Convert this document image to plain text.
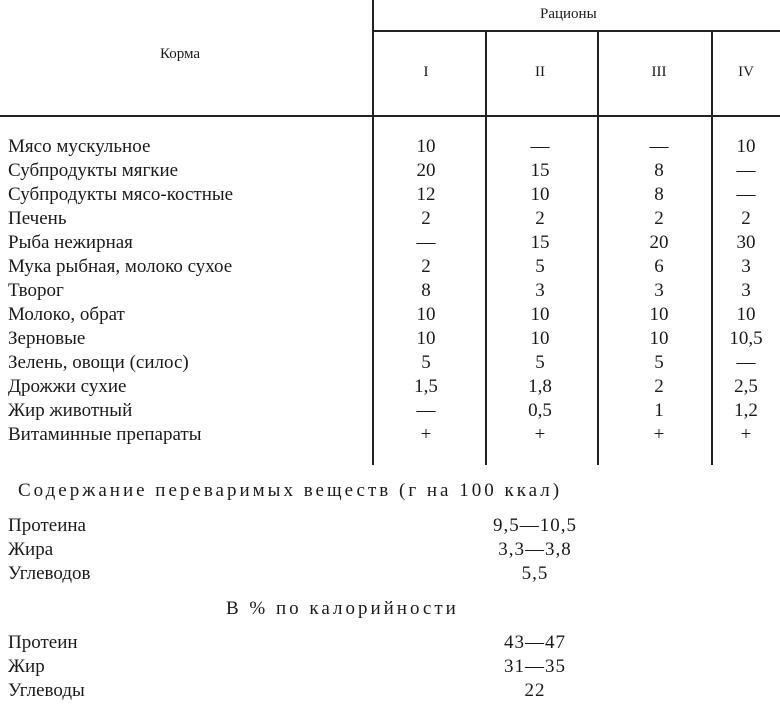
Корма
Рационы
I	II	III	IV
Мясо мускульное	10	—	—	10
Субпродукты мягкие	20	15	8	—
Субпродукты мясо-костные	12	10	8	—
Печень	2	2	2	2
Рыба нежирная	—	15	20	30
Мука рыбная, молоко сухое	2	5	6	3
Творог	8	3	3	3
Молоко, обрат	10	10	10	10
Зерновые	10	10	10	10,5
Зелень, овощи (силос)	5	5	5	—
Дрожжи сухие	1,5	1,8	2	2,5
Жир животный	—	0,5	1	1,2
Витаминные препараты	+	+	+	+
Содержание переваримых веществ (г на 100 ккал)
Протеина	9,5—10,5
Жира	3,3—3,8
Углеводов	5,5
В % по калорийности
Протеин	43—47
Жир	31—35
Углеводы	22
